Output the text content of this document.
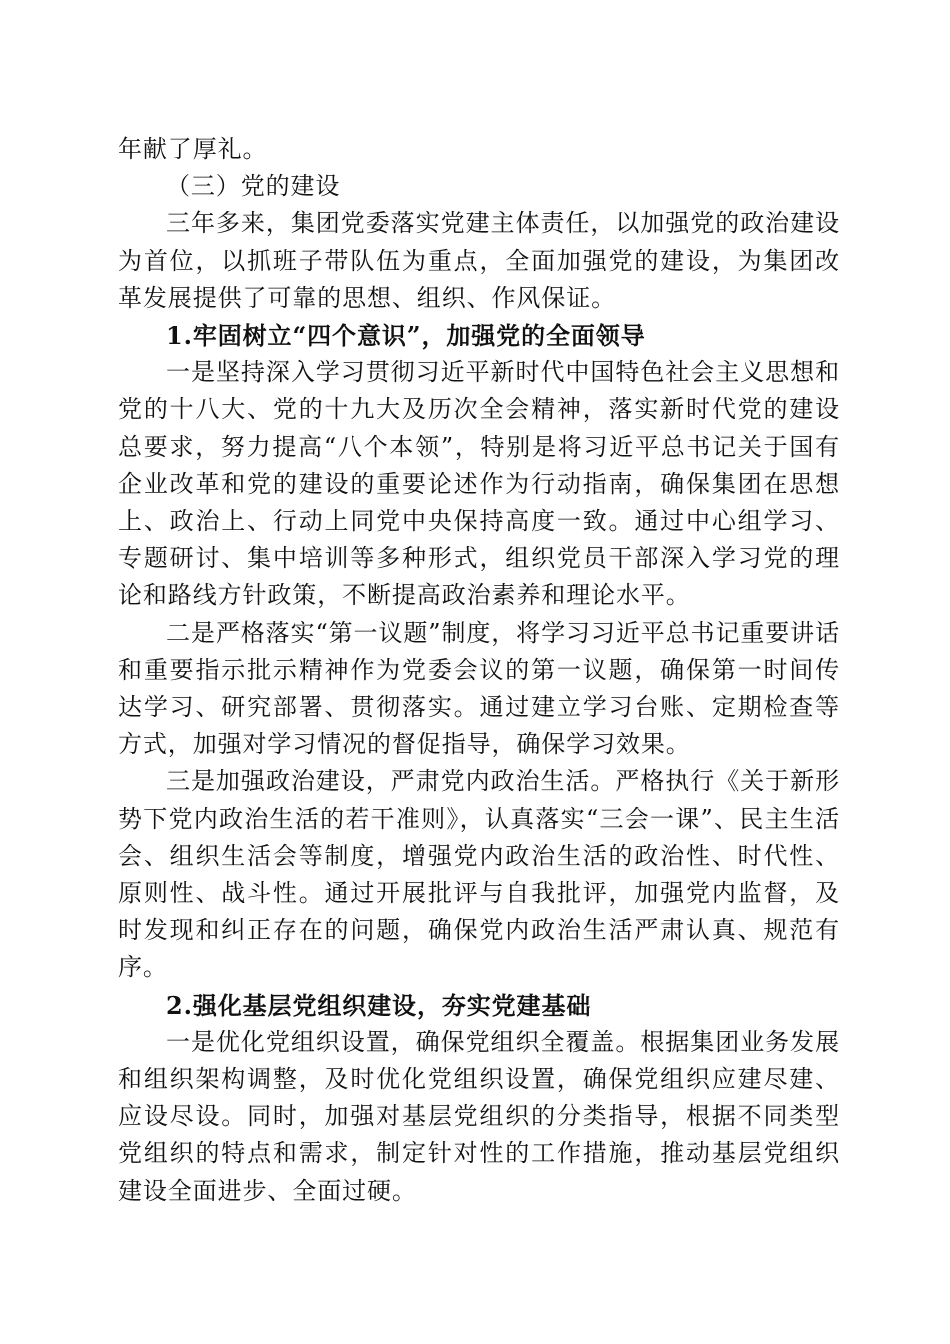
年献了厚礼。

（三）党的建设

三年多来，集团党委落实党建主体责任，以加强党的政治建设为首位，以抓班子带队伍为重点，全面加强党的建设，为集团改革发展提供了可靠的思想、组织、作风保证。

1.牢固树立“四个意识”，加强党的全面领导

一是坚持深入学习贯彻习近平新时代中国特色社会主义思想和党的十八大、党的十九大及历次全会精神，落实新时代党的建设总要求，努力提高“八个本领”，特别是将习近平总书记关于国有企业改革和党的建设的重要论述作为行动指南，确保集团在思想上、政治上、行动上同党中央保持高度一致。通过中心组学习、专题研讨、集中培训等多种形式，组织党员干部深入学习党的理论和路线方针政策，不断提高政治素养和理论水平。

二是严格落实“第一议题”制度，将学习习近平总书记重要讲话和重要指示批示精神作为党委会议的第一议题，确保第一时间传达学习、研究部署、贯彻落实。通过建立学习台账、定期检查等方式，加强对学习情况的督促指导，确保学习效果。

三是加强政治建设，严肃党内政治生活。严格执行《关于新形势下党内政治生活的若干准则》，认真落实“三会一课”、民主生活会、组织生活会等制度，增强党内政治生活的政治性、时代性、原则性、战斗性。通过开展批评与自我批评，加强党内监督，及时发现和纠正存在的问题，确保党内政治生活严肃认真、规范有序。

2.强化基层党组织建设，夯实党建基础

一是优化党组织设置，确保党组织全覆盖。根据集团业务发展和组织架构调整，及时优化党组织设置，确保党组织应建尽建、应设尽设。同时，加强对基层党组织的分类指导，根据不同类型党组织的特点和需求，制定针对性的工作措施，推动基层党组织建设全面进步、全面过硬。
